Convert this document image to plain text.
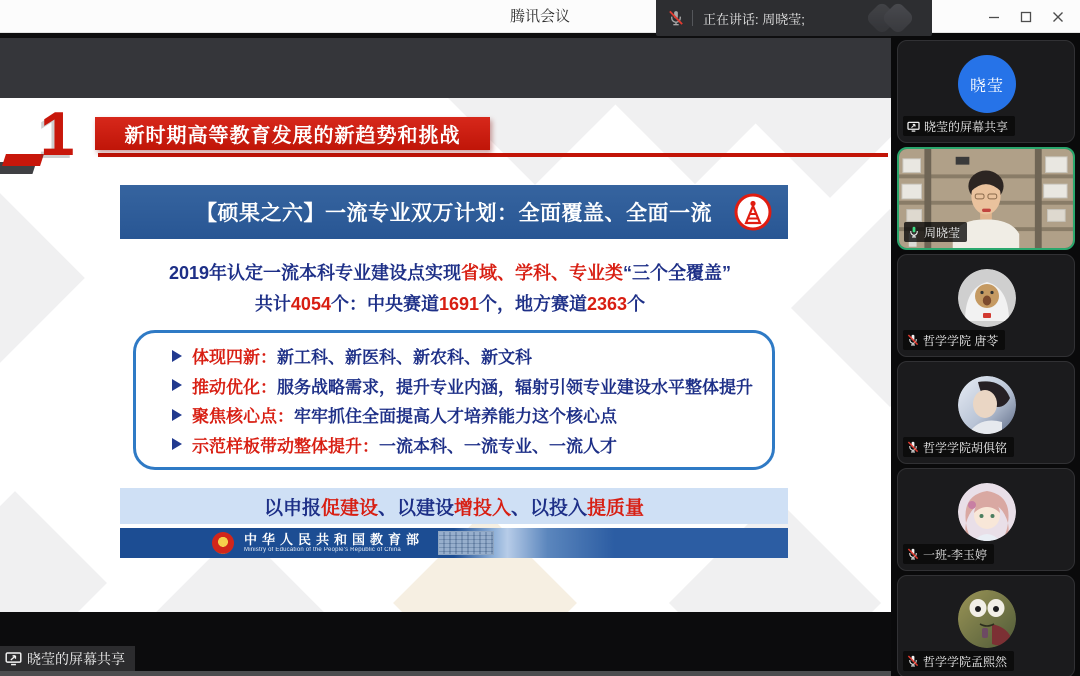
腾讯会议	正在讲话: 周晓莹;
1	新时期高等教育发展的新趋势和挑战
【硕果之六】一流专业双万计划：全面覆盖、全面一流
2019年认定一流本科专业建设点实现省域、学科、专业类“三个全覆盖”
共计4054个：中央赛道1691个，地方赛道2363个
体现四新：新工科、新医科、新农科、新文科
推动优化：服务战略需求，提升专业内涵，辐射引领专业建设水平整体提升
聚焦核心点：牢牢抓住全面提高人才培养能力这个核心点
示范样板带动整体提升：一流本科、一流专业、一流人才
以申报促建设、以建设增投入、以投入提质量
★ 中华人民共和国教育部
Ministry of Education of the People's Republic of China
晓莹的屏幕共享
晓莹
晓莹的屏幕共享
周晓莹
哲学学院 唐苓
哲学学院胡俱铭
一班-李玉婷
哲学学院孟熙然
